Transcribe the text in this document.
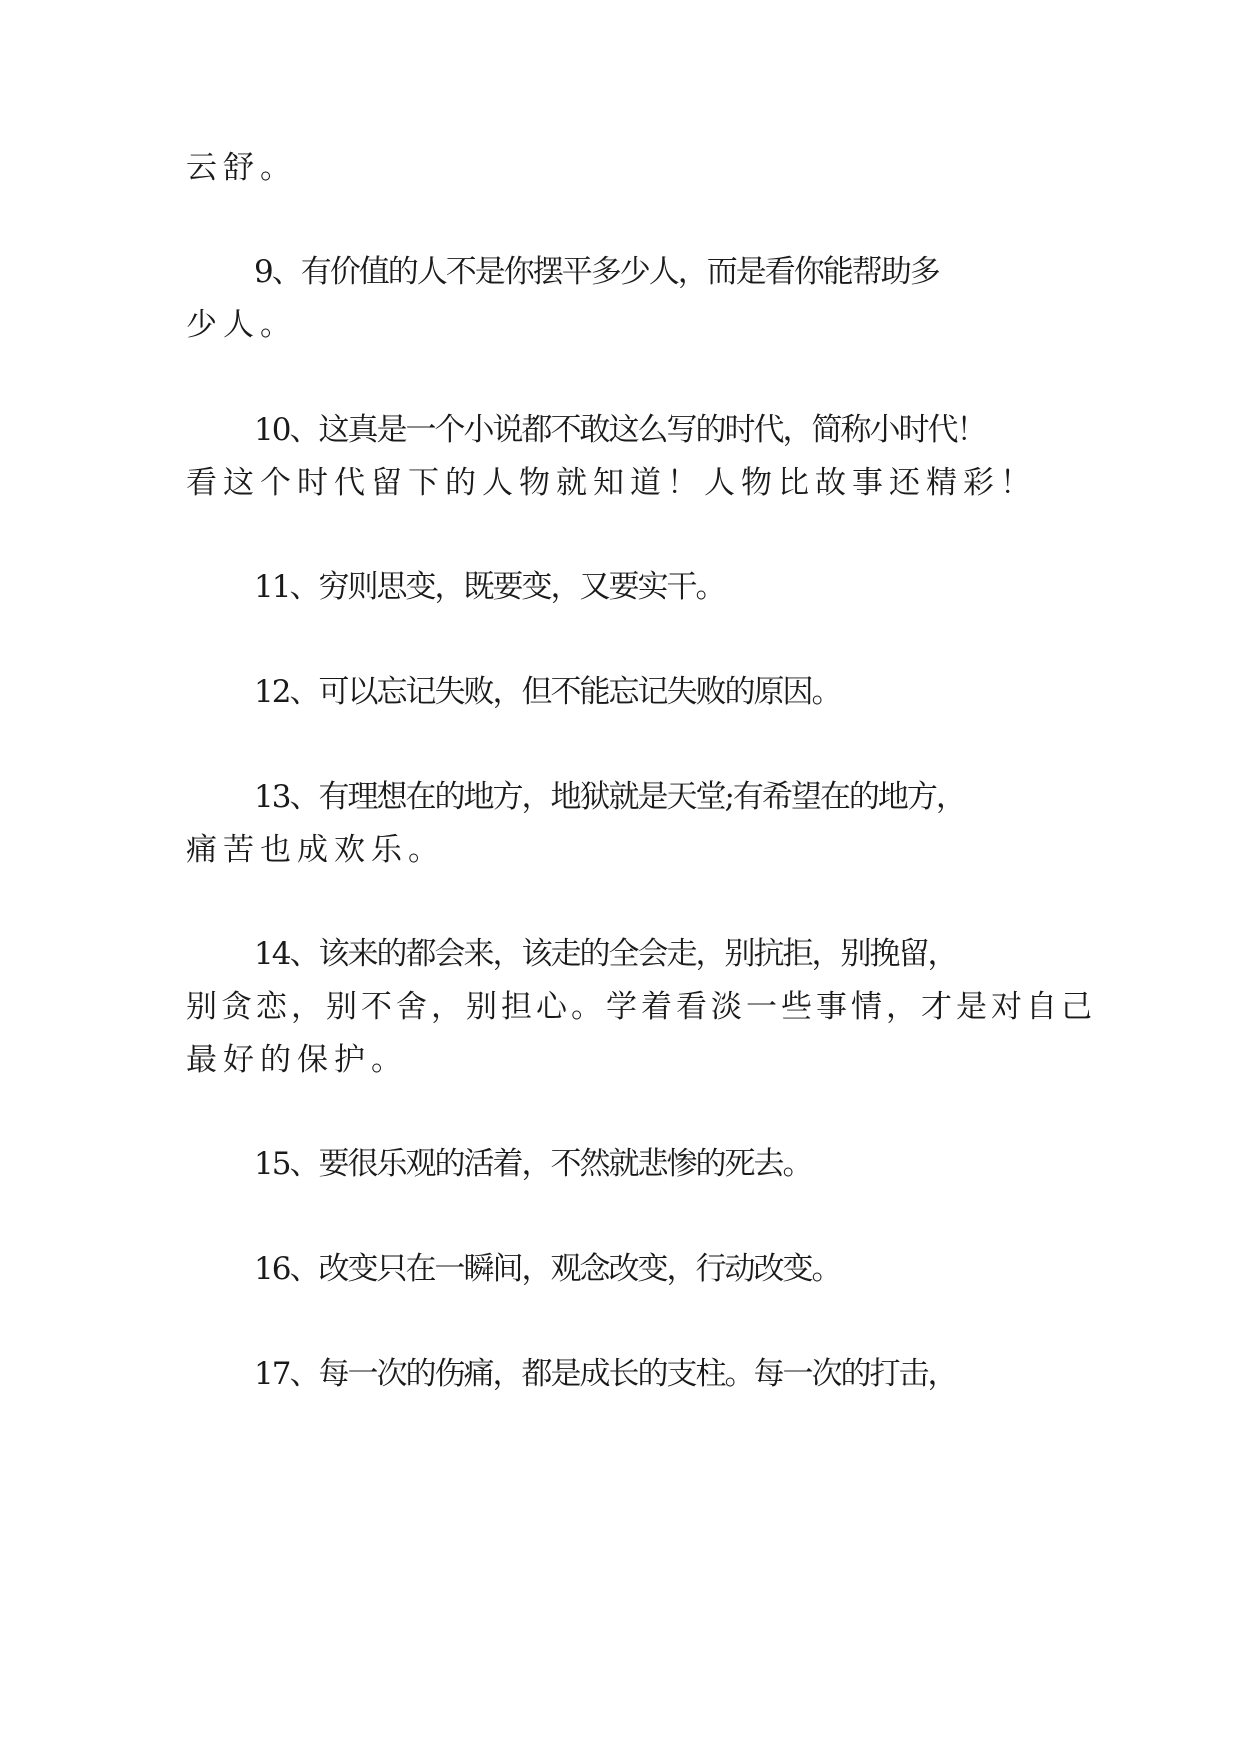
云舒。
9、有价值的人不是你摆平多少人，而是看你能帮助多
少人。
10、这真是一个小说都不敢这么写的时代，简称小时代！
看这个时代留下的人物就知道！人物比故事还精彩！
11、穷则思变，既要变，又要实干。
12、可以忘记失败，但不能忘记失败的原因。
13、有理想在的地方，地狱就是天堂;有希望在的地方，
痛苦也成欢乐。
14、该来的都会来，该走的全会走，别抗拒，别挽留，
别贪恋，别不舍，别担心。学着看淡一些事情，才是对自己
最好的保护。
15、要很乐观的活着，不然就悲惨的死去。
16、改变只在一瞬间，观念改变，行动改变。
17、每一次的伤痛，都是成长的支柱。每一次的打击，
